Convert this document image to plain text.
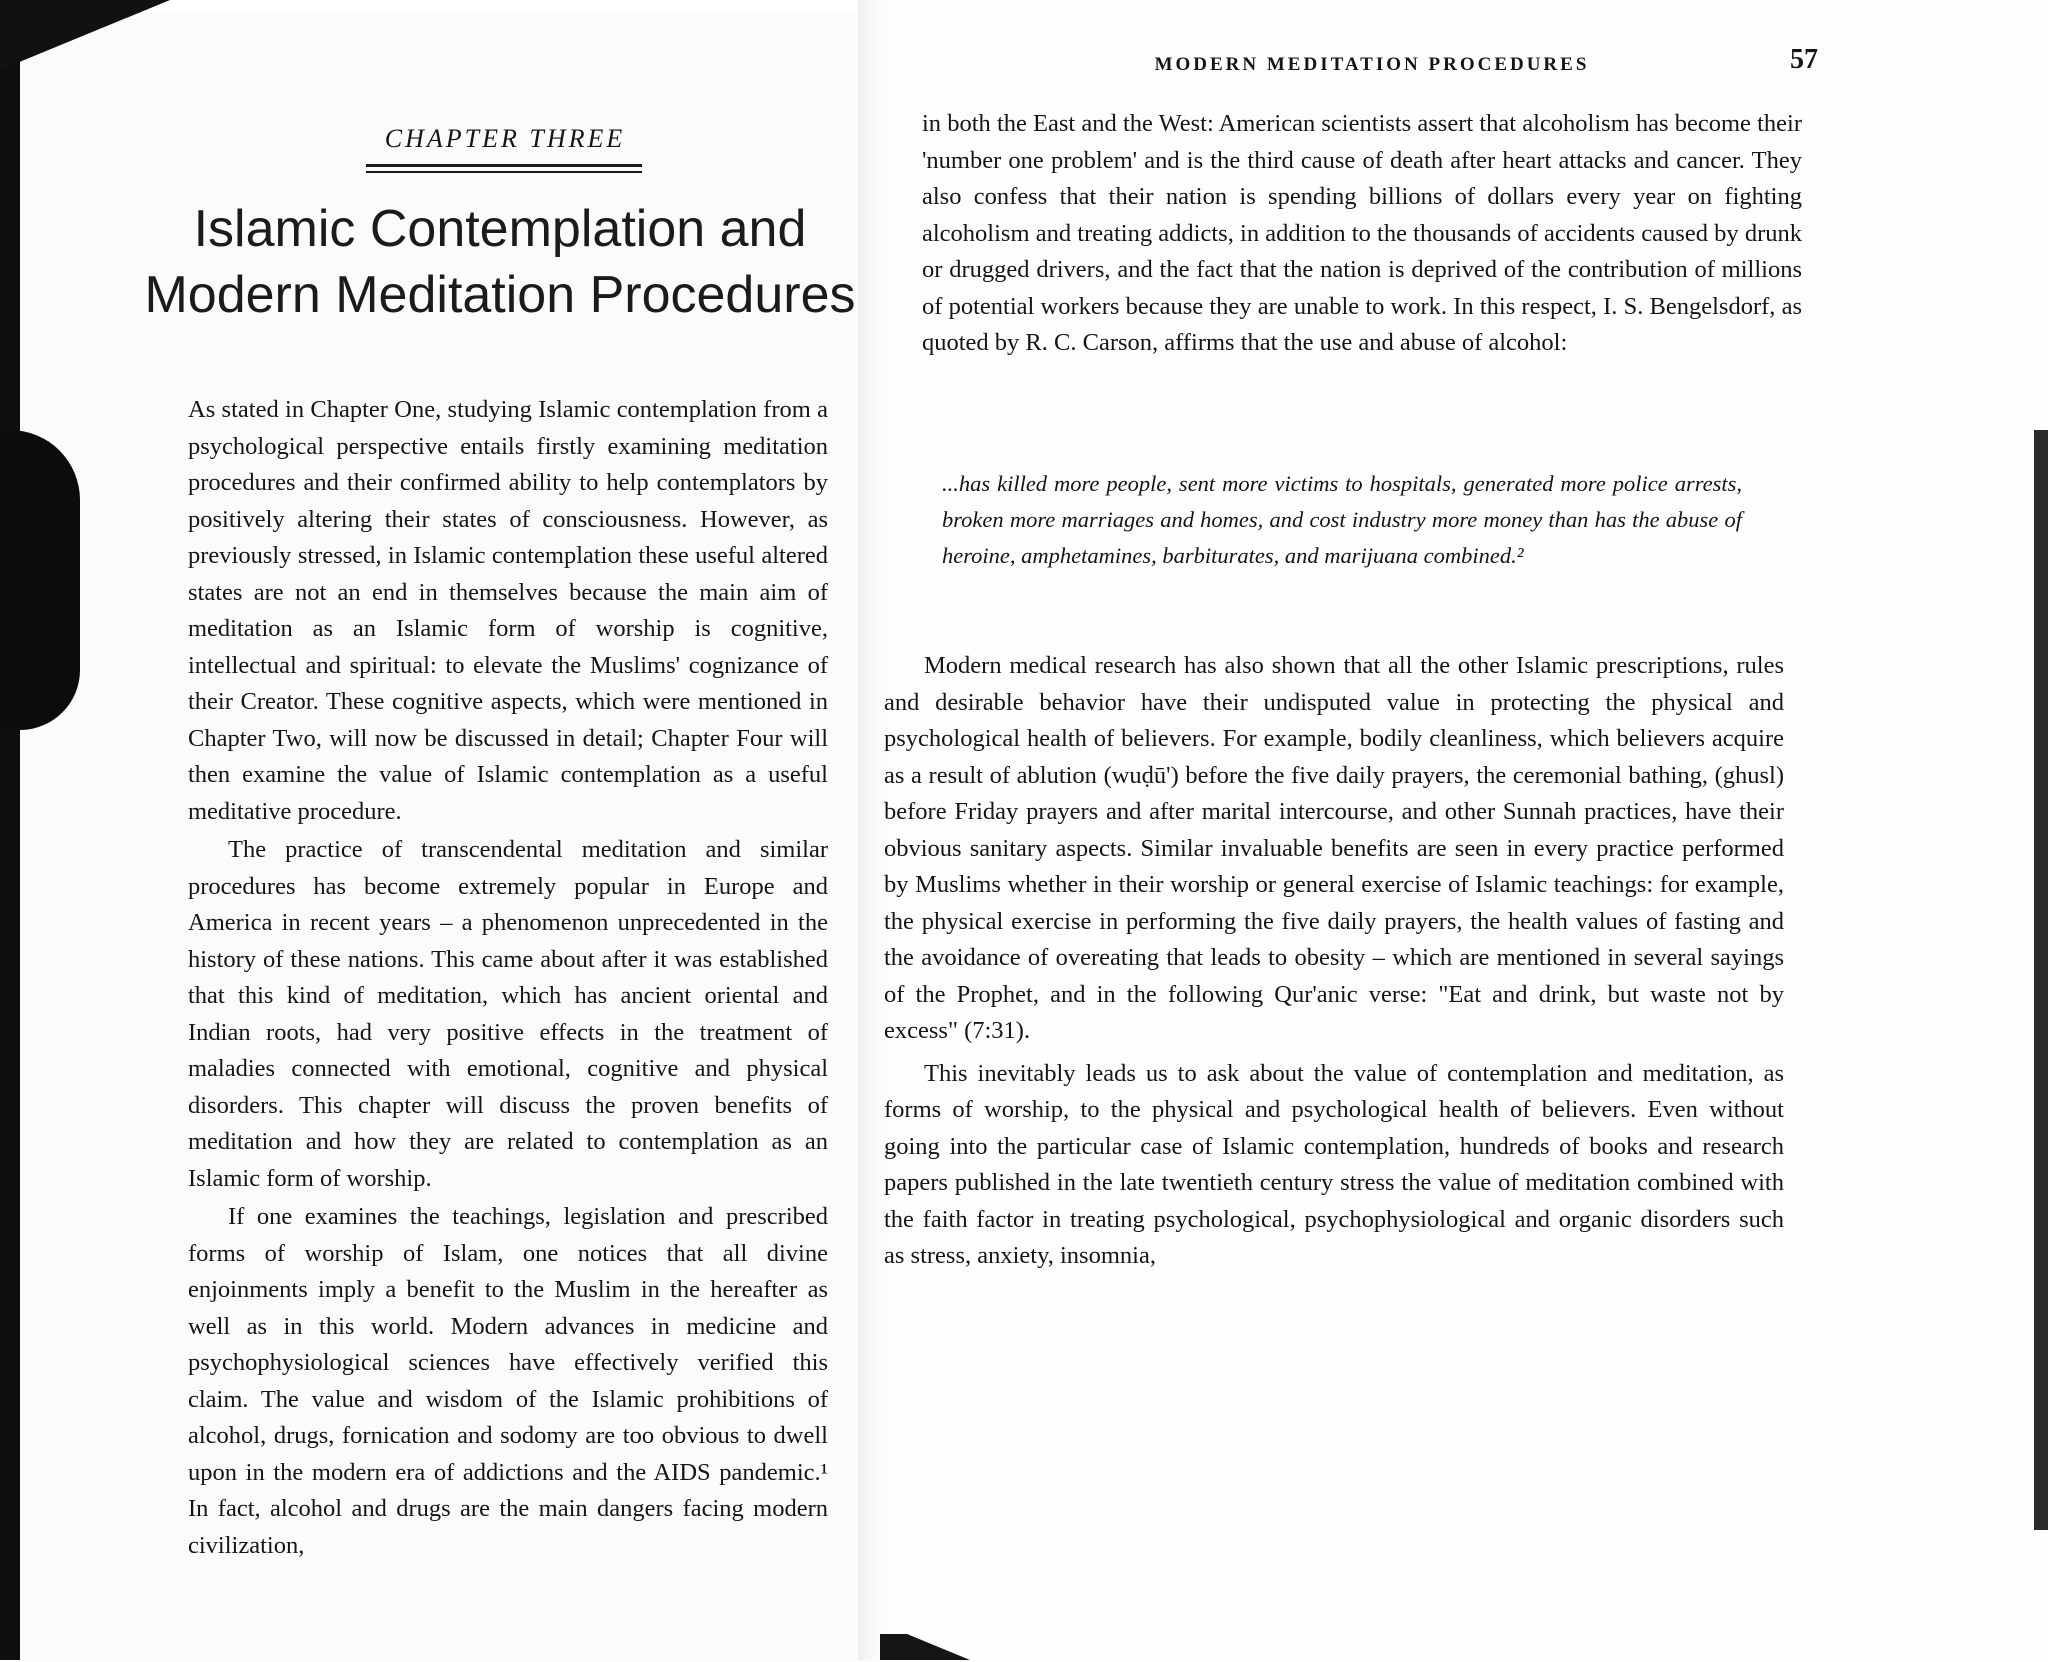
MODERN MEDITATION PROCEDURES	57
CHAPTER THREE
Islamic Contemplation and
Modern Meditation Procedures

As stated in Chapter One, studying Islamic contemplation from a psychological perspective entails firstly examining meditation procedures and their confirmed ability to help contemplators by positively altering their states of consciousness. However, as previously stressed, in Islamic contemplation these useful altered states are not an end in themselves because the main aim of meditation as an Islamic form of worship is cognitive, intellectual and spiritual: to elevate the Muslims' cognizance of their Creator. These cognitive aspects, which were mentioned in Chapter Two, will now be discussed in detail; Chapter Four will then examine the value of Islamic contemplation as a useful meditative procedure.

The practice of transcendental meditation and similar procedures has become extremely popular in Europe and America in recent years – a phenomenon unprecedented in the history of these nations. This came about after it was established that this kind of meditation, which has ancient oriental and Indian roots, had very positive effects in the treatment of maladies connected with emotional, cognitive and physical disorders. This chapter will discuss the proven benefits of meditation and how they are related to contemplation as an Islamic form of worship.

If one examines the teachings, legislation and prescribed forms of worship of Islam, one notices that all divine enjoinments imply a benefit to the Muslim in the hereafter as well as in this world. Modern advances in medicine and psychophysiological sciences have effectively verified this claim. The value and wisdom of the Islamic prohibitions of alcohol, drugs, fornication and sodomy are too obvious to dwell upon in the modern era of addictions and the AIDS pandemic.¹ In fact, alcohol and drugs are the main dangers facing modern civilization,

in both the East and the West: American scientists assert that alcoholism has become their 'number one problem' and is the third cause of death after heart attacks and cancer. They also confess that their nation is spending billions of dollars every year on fighting alcoholism and treating addicts, in addition to the thousands of accidents caused by drunk or drugged drivers, and the fact that the nation is deprived of the contribution of millions of potential workers because they are unable to work. In this respect, I. S. Bengelsdorf, as quoted by R. C. Carson, affirms that the use and abuse of alcohol:

...has killed more people, sent more victims to hospitals, generated more police arrests, broken more marriages and homes, and cost industry more money than has the abuse of heroine, amphetamines, barbiturates, and marijuana combined.²

Modern medical research has also shown that all the other Islamic prescriptions, rules and desirable behavior have their undisputed value in protecting the physical and psychological health of believers. For example, bodily cleanliness, which believers acquire as a result of ablution (wuḍū') before the five daily prayers, the ceremonial bathing, (ghusl) before Friday prayers and after marital intercourse, and other Sunnah practices, have their obvious sanitary aspects. Similar invaluable benefits are seen in every practice performed by Muslims whether in their worship or general exercise of Islamic teachings: for example, the physical exercise in performing the five daily prayers, the health values of fasting and the avoidance of overeating that leads to obesity – which are mentioned in several sayings of the Prophet, and in the following Qur'anic verse: "Eat and drink, but waste not by excess" (7:31).

This inevitably leads us to ask about the value of contemplation and meditation, as forms of worship, to the physical and psychological health of believers. Even without going into the particular case of Islamic contemplation, hundreds of books and research papers published in the late twentieth century stress the value of meditation combined with the faith factor in treating psychological, psychophysiological and organic disorders such as stress, anxiety, insomnia,
